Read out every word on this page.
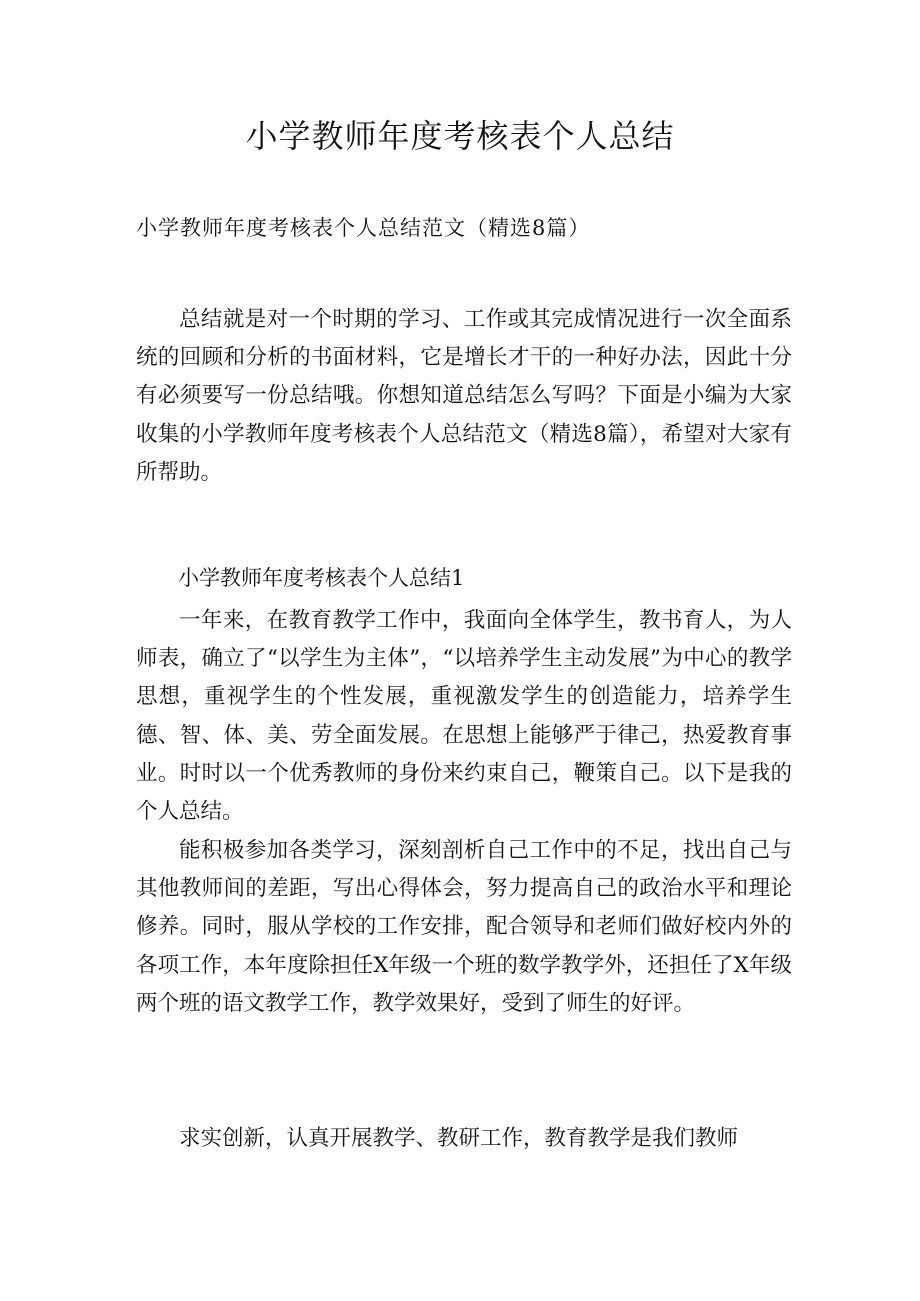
小学教师年度考核表个人总结

小学教师年度考核表个人总结范文（精选8篇）

总结就是对一个时期的学习、工作或其完成情况进行一次全面系统的回顾和分析的书面材料，它是增长才干的一种好办法，因此十分有必须要写一份总结哦。你想知道总结怎么写吗？下面是小编为大家收集的小学教师年度考核表个人总结范文（精选8篇），希望对大家有所帮助。

小学教师年度考核表个人总结1

一年来，在教育教学工作中，我面向全体学生，教书育人，为人师表，确立了“以学生为主体”，“以培养学生主动发展”为中心的教学思想，重视学生的个性发展，重视激发学生的创造能力，培养学生德、智、体、美、劳全面发展。在思想上能够严于律己，热爱教育事业。时时以一个优秀教师的身份来约束自己，鞭策自己。以下是我的个人总结。

能积极参加各类学习，深刻剖析自己工作中的不足，找出自己与其他教师间的差距，写出心得体会，努力提高自己的政治水平和理论修养。同时，服从学校的工作安排，配合领导和老师们做好校内外的各项工作，本年度除担任X年级一个班的数学教学外，还担任了X年级两个班的语文教学工作，教学效果好，受到了师生的好评。

求实创新，认真开展教学、教研工作，教育教学是我们教师
